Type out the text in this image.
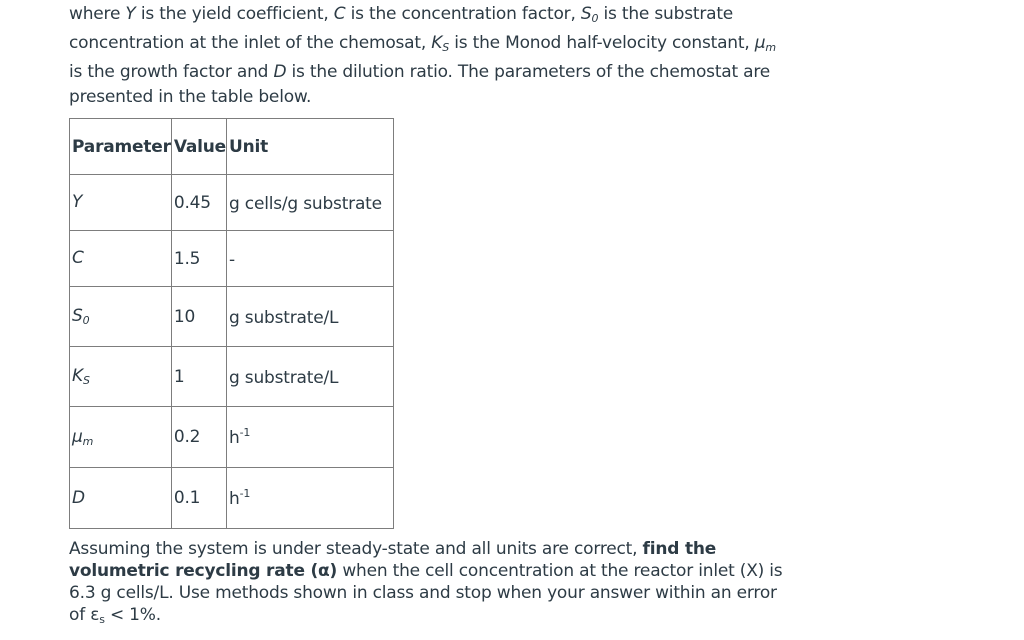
where Y is the yield coefficient, C is the concentration factor, $S_0$ is the substrate concentration at the inlet of the chemosat, $K_S$ is the Monod half-velocity constant, $\mu_m$ is the growth factor and D is the dilution ratio. The parameters of the chemostat are presented in the table below.
Parameter	Value	Unit
Y	0.45	g cells/g substrate
C	1.5	-
$S_0$	10	g substrate/L
$K_S$	1	g substrate/L
$\mu_m$	0.2	$h^{-1}$
D	0.1	$h^{-1}$
Assuming the system is under steady-state and all units are correct, find the volumetric recycling rate (α) when the cell concentration at the reactor inlet (X) is 6.3 g cells/L. Use methods shown in class and stop when your answer within an error of $\varepsilon_s < 1\%$.
